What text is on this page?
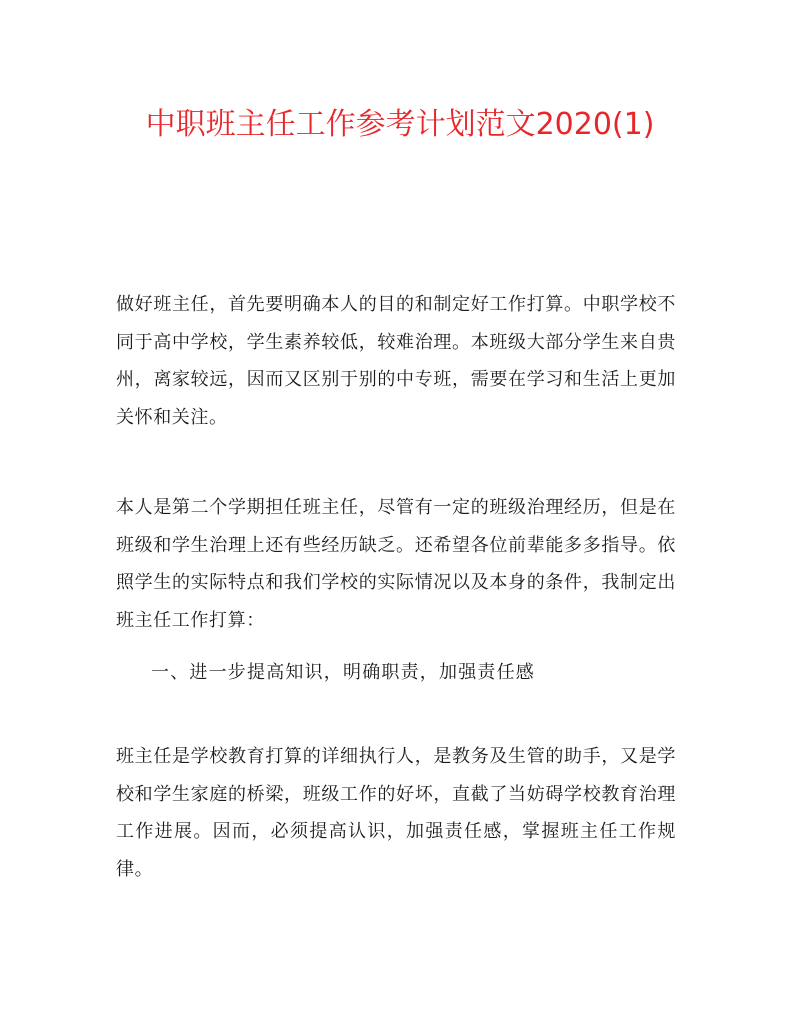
中职班主任工作参考计划范文2020(1)

做好班主任，首先要明确本人的目的和制定好工作打算。中职学校不同于高中学校，学生素养较低，较难治理。本班级大部分学生来自贵州，离家较远，因而又区别于别的中专班，需要在学习和生活上更加关怀和关注。

本人是第二个学期担任班主任，尽管有一定的班级治理经历，但是在班级和学生治理上还有些经历缺乏。还希望各位前辈能多多指导。依照学生的实际特点和我们学校的实际情况以及本身的条件，我制定出班主任工作打算：

一、进一步提高知识，明确职责，加强责任感

班主任是学校教育打算的详细执行人，是教务及生管的助手，又是学校和学生家庭的桥梁，班级工作的好坏，直截了当妨碍学校教育治理工作进展。因而，必须提高认识，加强责任感，掌握班主任工作规律。
